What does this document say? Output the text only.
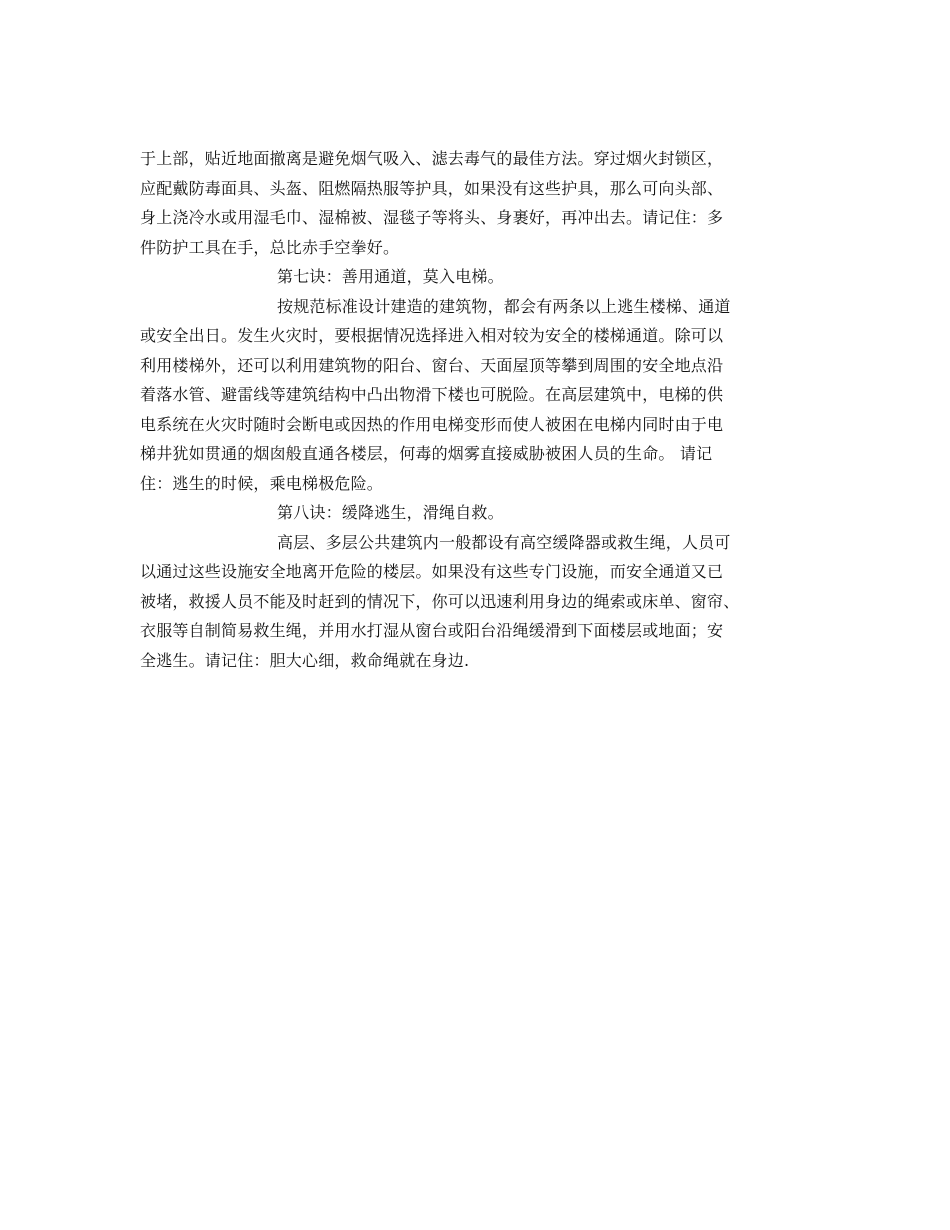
于上部，贴近地面撤离是避免烟气吸入、滤去毒气的最佳方法。穿过烟火封锁区，
应配戴防毒面具、头盔、阻燃隔热服等护具，如果没有这些护具，那么可向头部、
身上浇冷水或用湿毛巾、湿棉被、湿毯子等将头、身裹好，再冲出去。请记住：多
件防护工具在手，总比赤手空拳好。
第七诀：善用通道，莫入电梯。
按规范标准设计建造的建筑物，都会有两条以上逃生楼梯、通道
或安全出日。发生火灾时，要根据情况选择进入相对较为安全的楼梯通道。除可以
利用楼梯外，还可以利用建筑物的阳台、窗台、天面屋顶等攀到周围的安全地点沿
着落水管、避雷线等建筑结构中凸出物滑下楼也可脱险。在高层建筑中，电梯的供
电系统在火灾时随时会断电或因热的作用电梯变形而使人被困在电梯内同时由于电
梯井犹如贯通的烟囱般直通各楼层，何毒的烟雾直接威胁被困人员的生命。 请记
住：逃生的时候，乘电梯极危险。
第八诀：缓降逃生，滑绳自救。
高层、多层公共建筑内一般都设有高空缓降器或救生绳，人员可
以通过这些设施安全地离开危险的楼层。如果没有这些专门设施，而安全通道又已
被堵，救援人员不能及时赶到的情况下，你可以迅速利用身边的绳索或床单、窗帘、
衣服等自制简易救生绳，并用水打湿从窗台或阳台沿绳缓滑到下面楼层或地面；安
全逃生。请记住：胆大心细，救命绳就在身边.
